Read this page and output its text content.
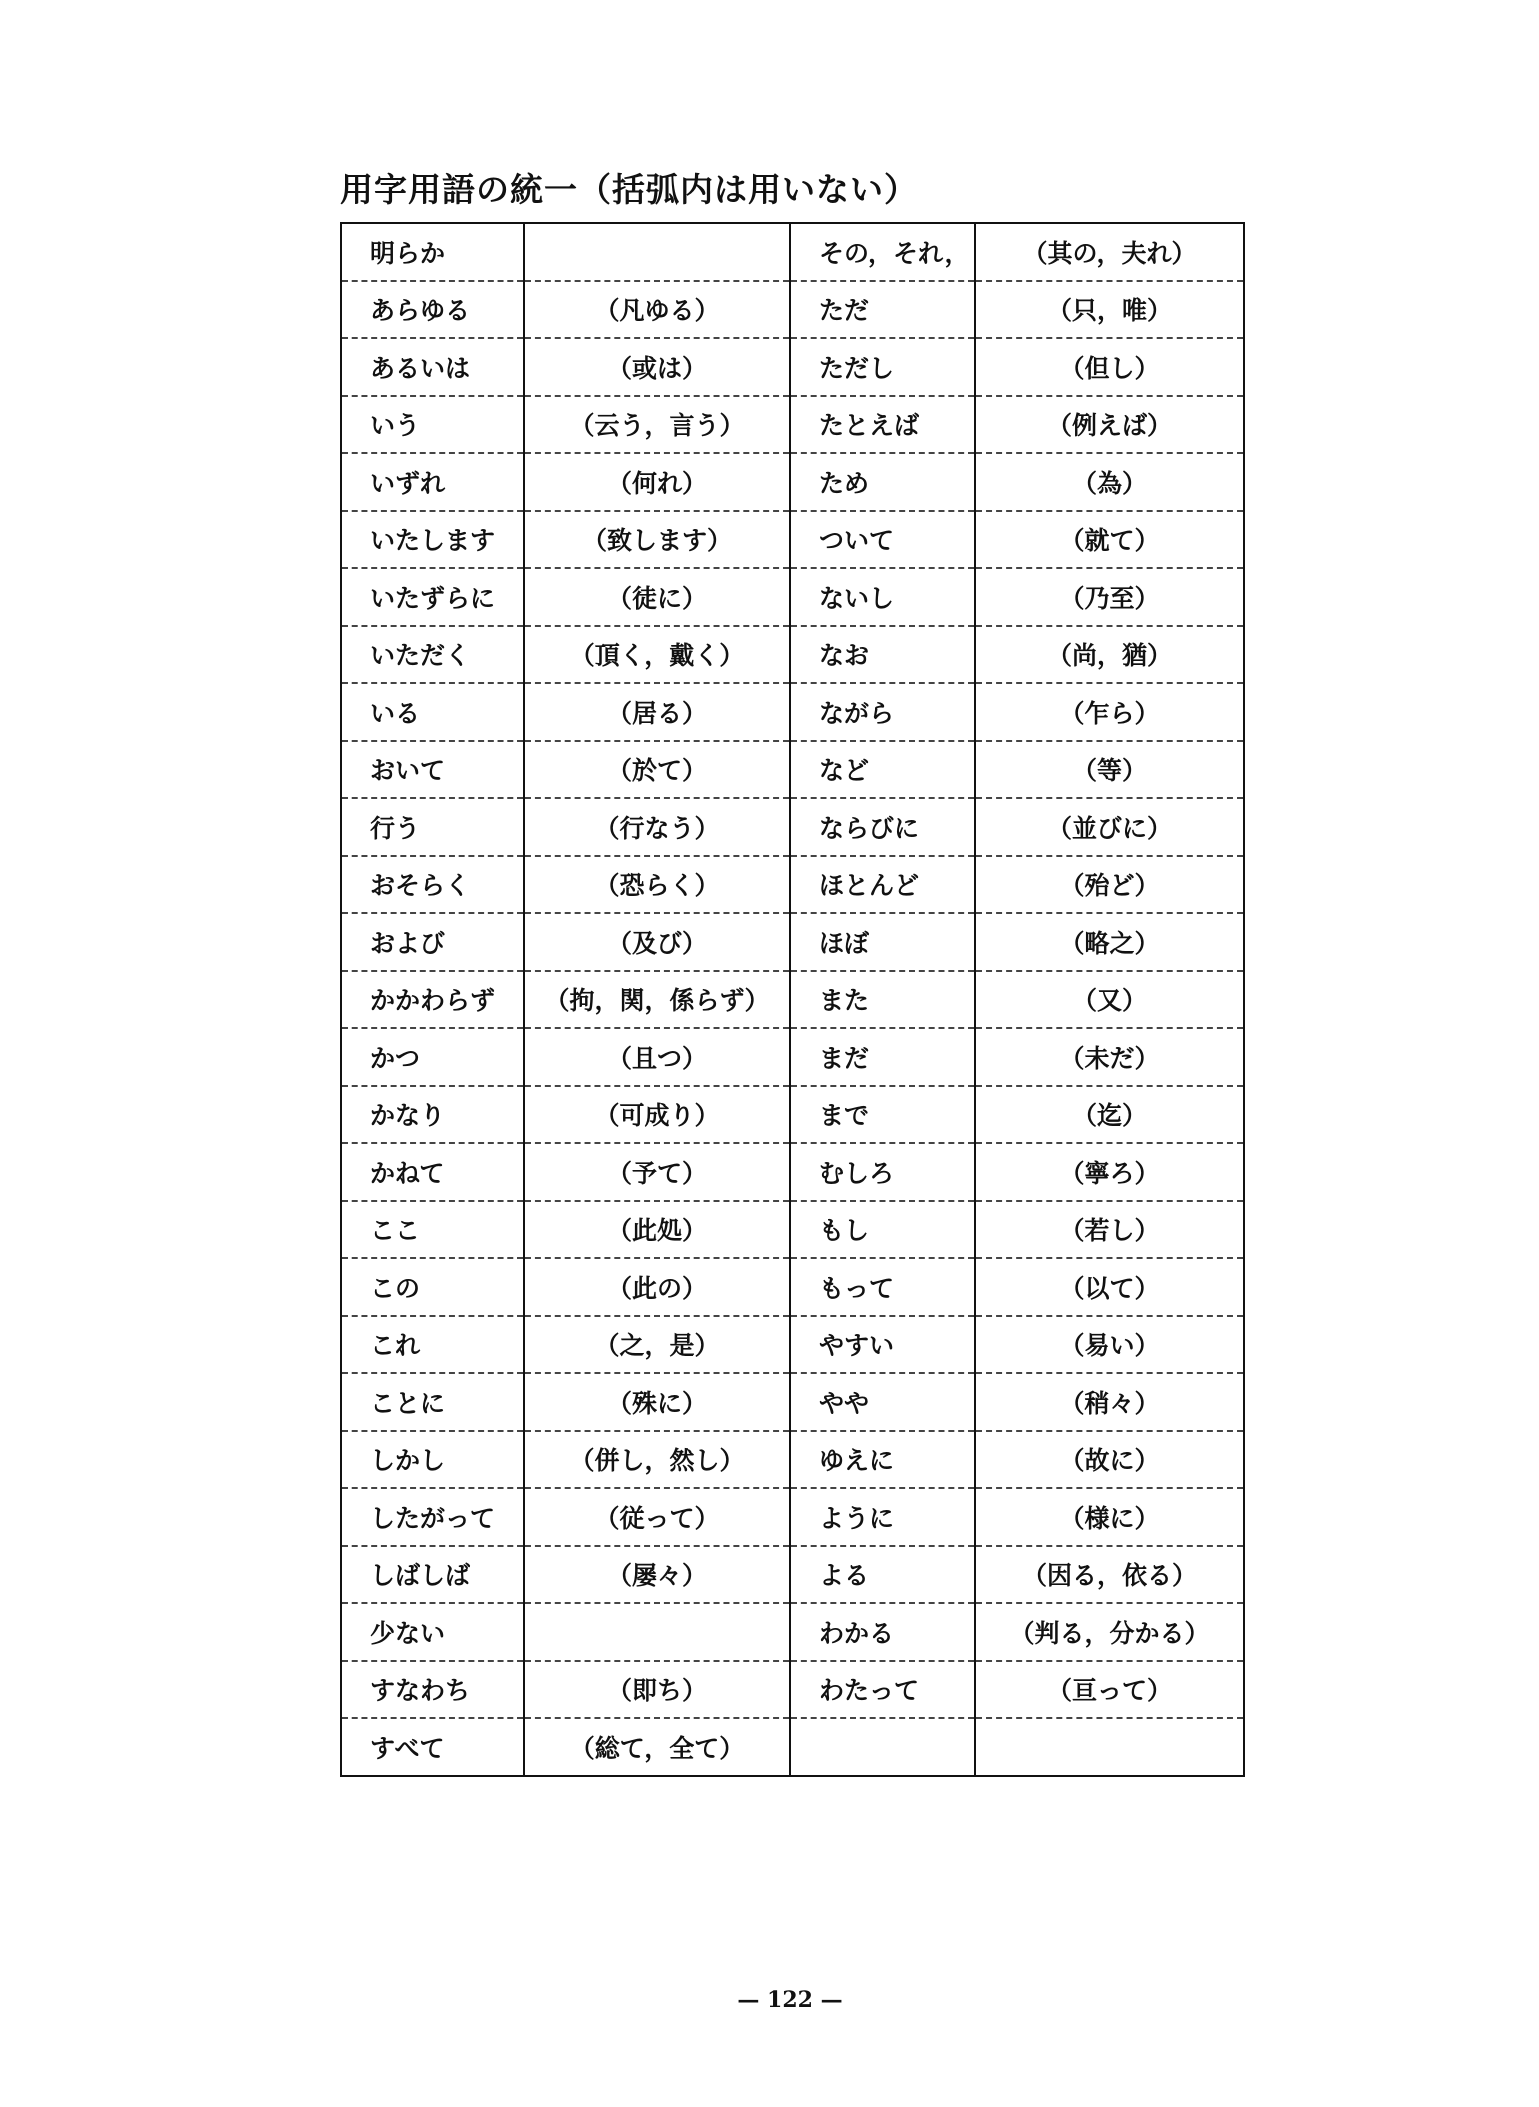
用字用語の統一（括弧内は用いない）
明らか		その，それ，	（其の，夫れ）
あらゆる	（凡ゆる）	ただ	（只，唯）
あるいは	（或は）	ただし	（但し）
いう	（云う，言う）	たとえば	（例えば）
いずれ	（何れ）	ため	（為）
いたします	（致します）	ついて	（就て）
いたずらに	（徒に）	ないし	（乃至）
いただく	（頂く，戴く）	なお	（尚，猶）
いる	（居る）	ながら	（乍ら）
おいて	（於て）	など	（等）
行う	（行なう）	ならびに	（並びに）
おそらく	（恐らく）	ほとんど	（殆ど）
および	（及び）	ほぼ	（略之）
かかわらず	（拘，関，係らず）	また	（又）
かつ	（且つ）	まだ	（未だ）
かなり	（可成り）	まで	（迄）
かねて	（予て）	むしろ	（寧ろ）
ここ	（此処）	もし	（若し）
この	（此の）	もって	（以て）
これ	（之，是）	やすい	（易い）
ことに	（殊に）	やや	（稍々）
しかし	（併し，然し）	ゆえに	（故に）
したがって	（従って）	ように	（様に）
しばしば	（屡々）	よる	（因る，依る）
少ない		わかる	（判る，分かる）
すなわち	（即ち）	わたって	（亘って）
すべて	（総て，全て）		
— 122 —
